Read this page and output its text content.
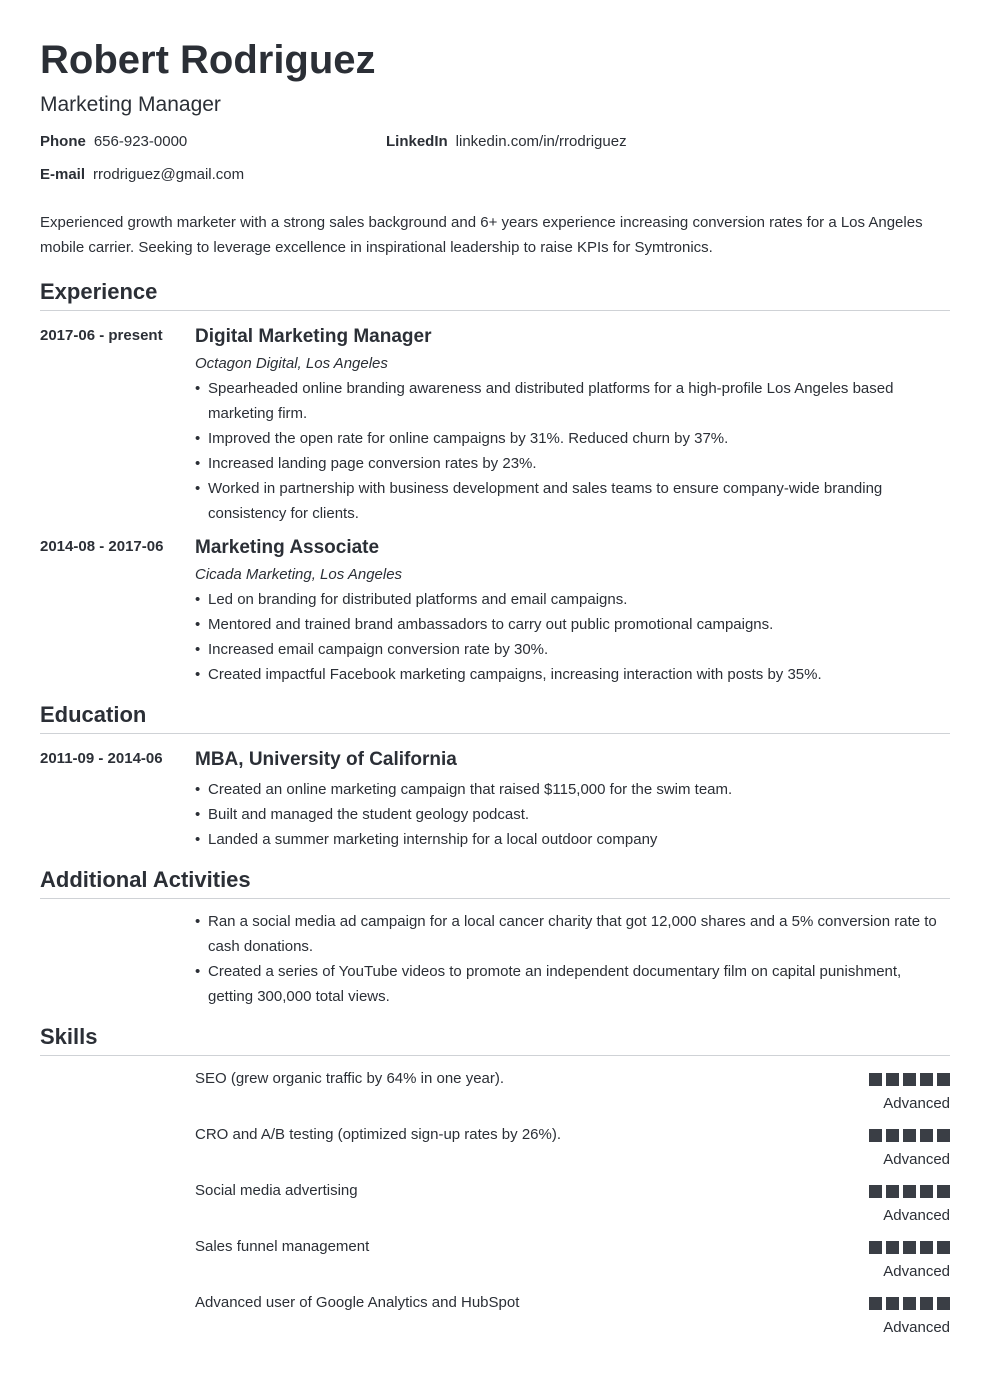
Robert Rodriguez
Marketing Manager
Phone 656-923-0000	LinkedIn linkedin.com/in/rrodriguez
E-mail rrodriguez@gmail.com

Experienced growth marketer with a strong sales background and 6+ years experience increasing conversion rates for a Los Angeles mobile carrier. Seeking to leverage excellence in inspirational leadership to raise KPIs for Symtronics.

Experience
2017-06 - present Digital Marketing Manager
Octagon Digital, Los Angeles
• Spearheaded online branding awareness and distributed platforms for a high-profile Los Angeles based marketing firm.
• Improved the open rate for online campaigns by 31%. Reduced churn by 37%.
• Increased landing page conversion rates by 23%.
• Worked in partnership with business development and sales teams to ensure company-wide branding consistency for clients.
2014-08 - 2017-06 Marketing Associate
Cicada Marketing, Los Angeles
• Led on branding for distributed platforms and email campaigns.
• Mentored and trained brand ambassadors to carry out public promotional campaigns.
• Increased email campaign conversion rate by 30%.
• Created impactful Facebook marketing campaigns, increasing interaction with posts by 35%.
Education
2011-09 - 2014-06 MBA, University of California
• Created an online marketing campaign that raised $115,000 for the swim team.
• Built and managed the student geology podcast.
• Landed a summer marketing internship for a local outdoor company
Additional Activities
• Ran a social media ad campaign for a local cancer charity that got 12,000 shares and a 5% conversion rate to cash donations.
• Created a series of YouTube videos to promote an independent documentary film on capital punishment, getting 300,000 total views.
Skills
SEO (grew organic traffic by 64% in one year).
Advanced
CRO and A/B testing (optimized sign-up rates by 26%).
Advanced
Social media advertising
Advanced
Sales funnel management
Advanced
Advanced user of Google Analytics and HubSpot
Advanced
